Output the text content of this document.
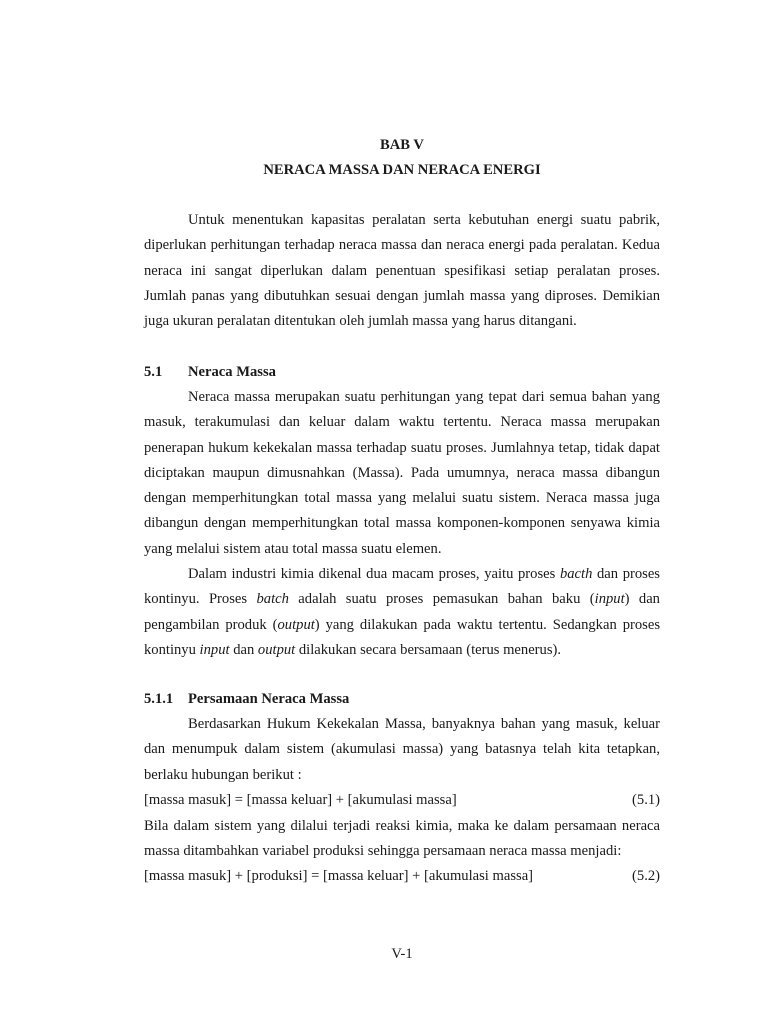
BAB V
NERACA MASSA DAN NERACA ENERGI
Untuk menentukan kapasitas peralatan serta kebutuhan energi suatu pabrik, diperlukan perhitungan terhadap neraca massa dan neraca energi pada peralatan. Kedua neraca ini sangat diperlukan dalam penentuan spesifikasi setiap peralatan proses. Jumlah panas yang dibutuhkan sesuai dengan jumlah massa yang diproses. Demikian juga ukuran peralatan ditentukan oleh jumlah massa yang harus ditangani.
5.1 Neraca Massa
Neraca massa merupakan suatu perhitungan yang tepat dari semua bahan yang masuk, terakumulasi dan keluar dalam waktu tertentu. Neraca massa merupakan penerapan hukum kekekalan massa terhadap suatu proses. Jumlahnya tetap, tidak dapat diciptakan maupun dimusnahkan (Massa). Pada umumnya, neraca massa dibangun dengan memperhitungkan total massa yang melalui suatu sistem. Neraca massa juga dibangun dengan memperhitungkan total massa komponen-komponen senyawa kimia yang melalui sistem atau total massa suatu elemen.
Dalam industri kimia dikenal dua macam proses, yaitu proses bacth dan proses kontinyu. Proses batch adalah suatu proses pemasukan bahan baku (input) dan pengambilan produk (output) yang dilakukan pada waktu tertentu. Sedangkan proses kontinyu input dan output dilakukan secara bersamaan (terus menerus).
5.1.1 Persamaan Neraca Massa
Berdasarkan Hukum Kekekalan Massa, banyaknya bahan yang masuk, keluar dan menumpuk dalam sistem (akumulasi massa) yang batasnya telah kita tetapkan, berlaku hubungan berikut :
[massa masuk] = [massa keluar] + [akumulasi massa]	(5.1)
Bila dalam sistem yang dilalui terjadi reaksi kimia, maka ke dalam persamaan neraca massa ditambahkan variabel produksi sehingga persamaan neraca massa menjadi:
[massa masuk] + [produksi] = [massa keluar] + [akumulasi massa]	(5.2)
V-1
